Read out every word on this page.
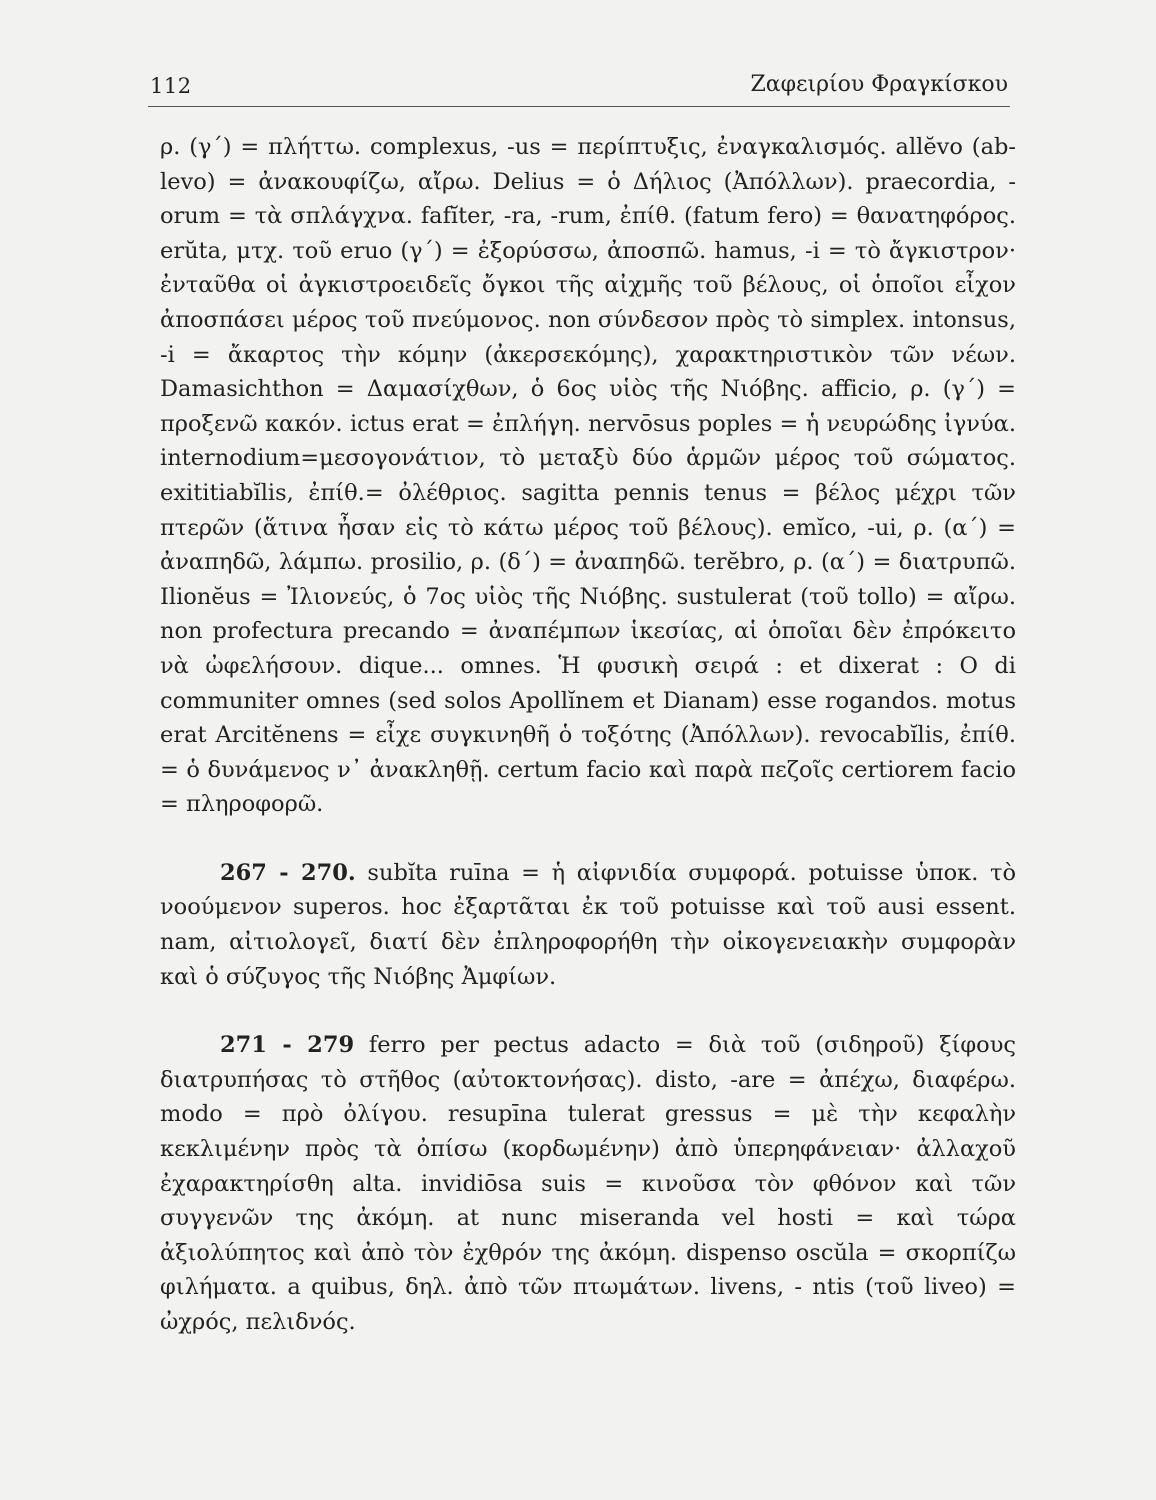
112	Ζαφειρίου Φραγκίσκου

ρ. (γ΄) = πλήττω. complexus, -us = περίπτυξις, ἐναγκαλισμός. allĕvo (ab-levo) = ἀνακουφίζω, αἴρω. Delius = ὁ Δήλιος (Ἀπόλλων). praecordia, -orum = τὰ σπλάγχνα. fafĭter, -ra, -rum, ἐπίθ. (fatum fero) = θανατηφόρος. erŭta, μτχ. τοῦ eruo (γ΄) = ἐξορύσσω, ἀποσπῶ. hamus, -i = τὸ ἄγκιστρον· ἐνταῦθα οἱ ἀγκιστροειδεῖς ὄγκοι τῆς αἰχμῆς τοῦ βέλους, οἱ ὁποῖοι εἶχον ἀποσπάσει μέρος τοῦ πνεύμονος. non σύνδεσον πρὸς τὸ simplex. intonsus, -i = ἄκαρτος τὴν κόμην (ἀκερσεκόμης), χαρακτηριστικὸν τῶν νέων. Damasichthon = Δαμασίχθων, ὁ 6ος υἱὸς τῆς Νιόβης. afficio, ρ. (γ΄) = προξενῶ κακόν. ictus erat = ἐπλήγη. nervōsus poples = ἡ νευρώδης ἰγνύα. internodium=μεσογονάτιον, τὸ μεταξὺ δύο ἁρμῶν μέρος τοῦ σώματος. exititiabĭlis, ἐπίθ.= ὀλέθριος. sagitta pennis tenus = βέλος μέχρι τῶν πτερῶν (ἅτινα ἦσαν εἰς τὸ κάτω μέρος τοῦ βέλους). emĭco, -ui, ρ. (α΄) = ἀναπηδῶ, λάμπω. prosilio, ρ. (δ΄) = ἀναπηδῶ. terĕbro, ρ. (α΄) = διατρυπῶ. Ilionĕus = Ἰλιονεύς, ὁ 7ος υἱὸς τῆς Νιόβης. sustulerat (τοῦ tollo) = αἴρω. non profectura precando = ἀναπέμπων ἱκεσίας, αἱ ὁποῖαι δὲν ἐπρόκειτο νὰ ὠφελήσουν. dique... omnes. Ἡ φυσικὴ σειρά : et dixerat : O di communiter omnes (sed solos Apollĭnem et Dianam) esse rogandos. motus erat Arcitĕnens = εἶχε συγκινηθῆ ὁ τοξότης (Ἀπόλλων). revocabĭlis, ἐπίθ. = ὁ δυνάμενος ν᾿ ἀνακληθῇ. certum facio καὶ παρὰ πεζοῖς certiorem facio = πληροφορῶ.

267 - 270. subĭta ruīna = ἡ αἰφνιδία συμφορά. potuisse ὑποκ. τὸ νοούμενον superos. hoc ἐξαρτᾶται ἐκ τοῦ potuisse καὶ τοῦ ausi essent. nam, αἰτιολογεῖ, διατί δὲν ἐπληροφορήθη τὴν οἰκογενειακὴν συμφορὰν καὶ ὁ σύζυγος τῆς Νιόβης Ἀμφίων.

271 - 279 ferro per pectus adacto = διὰ τοῦ (σιδηροῦ) ξίφους διατρυπήσας τὸ στῆθος (αὐτοκτονήσας). disto, -are = ἀπέχω, διαφέρω. modo = πρὸ ὀλίγου. resupīna tulerat gressus = μὲ τὴν κεφαλὴν κεκλιμένην πρὸς τὰ ὀπίσω (κορδωμένην) ἀπὸ ὑπερηφάνειαν· ἀλλαχοῦ ἐχαρακτηρίσθη alta. invidiōsa suis = κινοῦσα τὸν φθόνον καὶ τῶν συγγενῶν της ἀκόμη. at nunc miseranda vel hosti = καὶ τώρα ἀξιολύπητος καὶ ἀπὸ τὸν ἐχθρόν της ἀκόμη. dispenso oscŭla = σκορπίζω φιλήματα. a quibus, δηλ. ἀπὸ τῶν πτωμάτων. livens, - ntis (τοῦ liveo) = ὠχρός, πελιδνός.
